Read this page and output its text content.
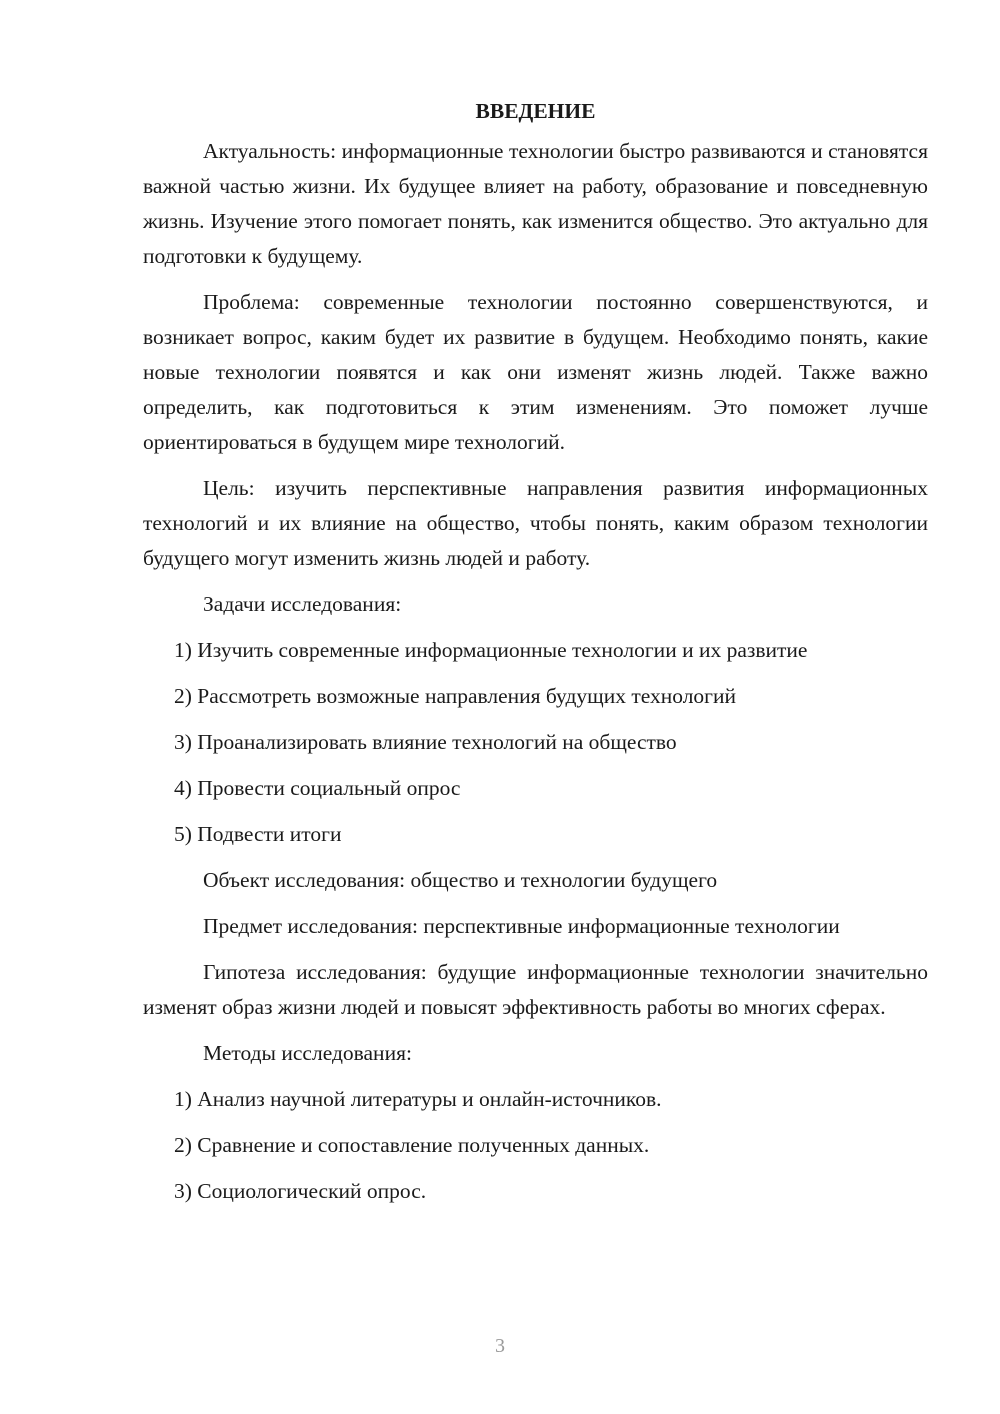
ВВЕДЕНИЕ

Актуальность: информационные технологии быстро развиваются и становятся важной частью жизни. Их будущее влияет на работу, образование и повседневную жизнь. Изучение этого помогает понять, как изменится общество. Это актуально для подготовки к будущему.

Проблема: современные технологии постоянно совершенствуются, и возникает вопрос, каким будет их развитие в будущем. Необходимо понять, какие новые технологии появятся и как они изменят жизнь людей. Также важно определить, как подготовиться к этим изменениям. Это поможет лучше ориентироваться в будущем мире технологий.

Цель: изучить перспективные направления развития информационных технологий и их влияние на общество, чтобы понять, каким образом технологии будущего могут изменить жизнь людей и работу.

Задачи исследования:

1) Изучить современные информационные технологии и их развитие

2) Рассмотреть возможные направления будущих технологий

3) Проанализировать влияние технологий на общество

4) Провести социальный опрос

5) Подвести итоги

Объект исследования: общество и технологии будущего

Предмет исследования: перспективные информационные технологии

Гипотеза исследования: будущие информационные технологии значительно изменят образ жизни людей и повысят эффективность работы во многих сферах.

Методы исследования:

1) Анализ научной литературы и онлайн-источников.

2) Сравнение и сопоставление полученных данных.

3) Социологический опрос.

3
